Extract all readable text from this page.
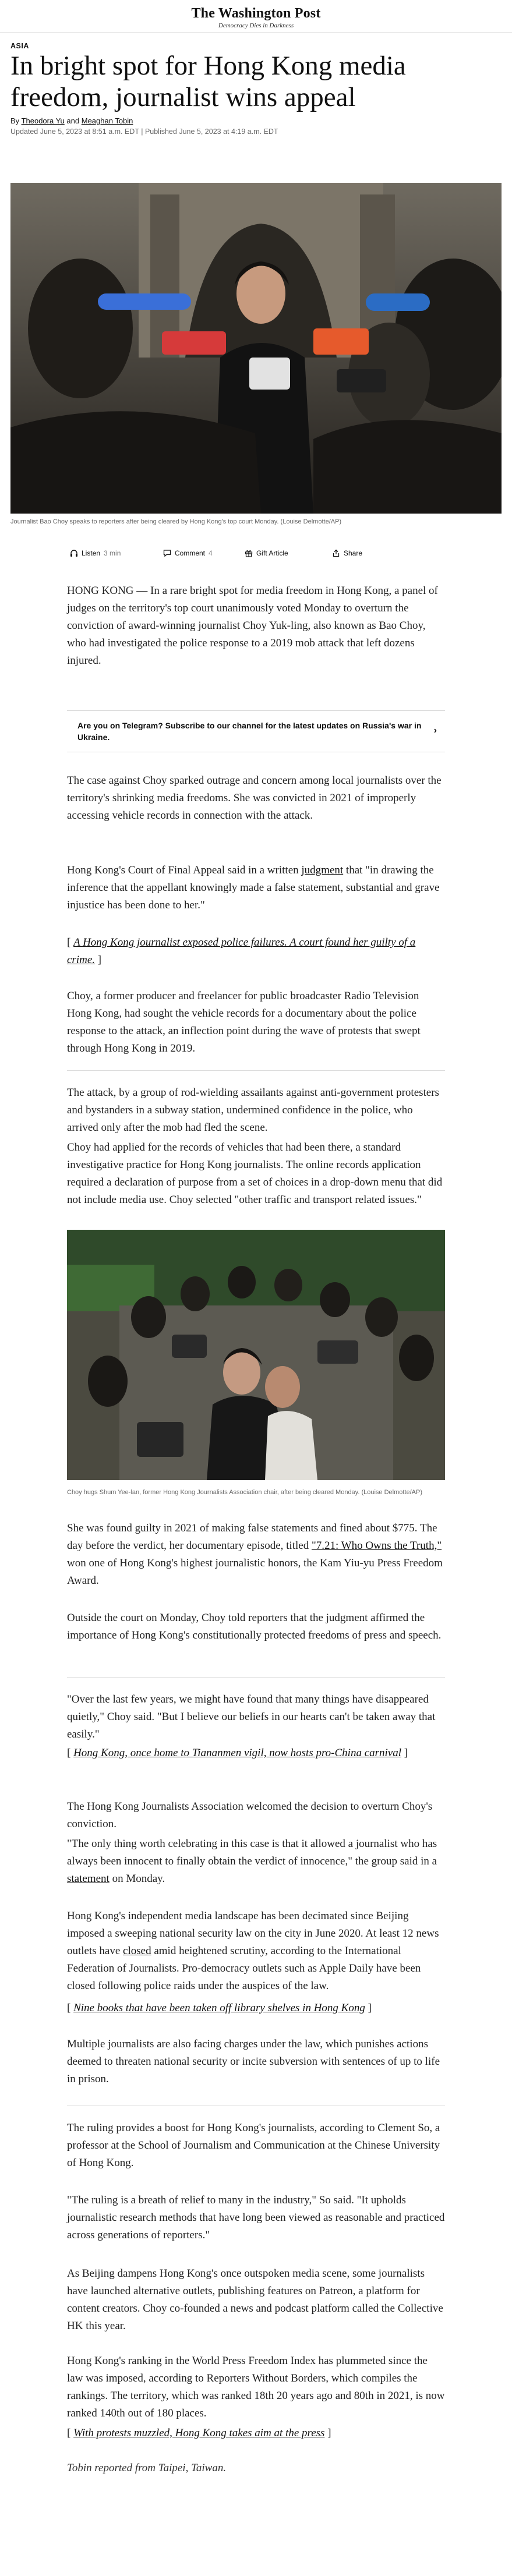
The Washington Post
Democracy Dies in Darkness
ASIA
In bright spot for Hong Kong media freedom, journalist wins appeal
By Theodora Yu and Meaghan Tobin
Updated June 5, 2023 at 8:51 a.m. EDT | Published June 5, 2023 at 4:19 a.m. EDT
Journalist Bao Choy speaks to reporters after being cleared by Hong Kong's top court Monday. (Louise Delmotte/AP)
Listen 3 min	Comment 4	Gift Article	Share

HONG KONG — In a rare bright spot for media freedom in Hong Kong, a panel of judges on the territory's top court unanimously voted Monday to overturn the conviction of award-winning journalist Choy Yuk-ling, also known as Bao Choy, who had investigated the police response to a 2019 mob attack that left dozens injured.

Are you on Telegram? Subscribe to our channel for the latest updates on Russia's war in Ukraine.
›

The case against Choy sparked outrage and concern among local journalists over the territory's shrinking media freedoms. She was convicted in 2021 of improperly accessing vehicle records in connection with the attack.

Hong Kong's Court of Final Appeal said in a written judgment that "in drawing the inference that the appellant knowingly made a false statement, substantial and grave injustice has been done to her."

[ A Hong Kong journalist exposed police failures. A court found her guilty of a crime. ]

Choy, a former producer and freelancer for public broadcaster Radio Television Hong Kong, had sought the vehicle records for a documentary about the police response to the attack, an inflection point during the wave of protests that swept through Hong Kong in 2019.

The attack, by a group of rod-wielding assailants against anti-government protesters and bystanders in a subway station, undermined confidence in the police, who arrived only after the mob had fled the scene.

Choy had applied for the records of vehicles that had been there, a standard investigative practice for Hong Kong journalists. The online records application required a declaration of purpose from a set of choices in a drop-down menu that did not include media use. Choy selected "other traffic and transport related issues."

Choy hugs Shum Yee-lan, former Hong Kong Journalists Association chair, after being cleared Monday. (Louise Delmotte/AP)

She was found guilty in 2021 of making false statements and fined about $775. The day before the verdict, her documentary episode, titled "7.21: Who Owns the Truth," won one of Hong Kong's highest journalistic honors, the Kam Yiu-yu Press Freedom Award.

Outside the court on Monday, Choy told reporters that the judgment affirmed the importance of Hong Kong's constitutionally protected freedoms of press and speech.

"Over the last few years, we might have found that many things have disappeared quietly," Choy said. "But I believe our beliefs in our hearts can't be taken away that easily."

[ Hong Kong, once home to Tiananmen vigil, now hosts pro-China carnival ]

The Hong Kong Journalists Association welcomed the decision to overturn Choy's conviction.

"The only thing worth celebrating in this case is that it allowed a journalist who has always been innocent to finally obtain the verdict of innocence," the group said in a statement on Monday.

Hong Kong's independent media landscape has been decimated since Beijing imposed a sweeping national security law on the city in June 2020. At least 12 news outlets have closed amid heightened scrutiny, according to the International Federation of Journalists. Pro-democracy outlets such as Apple Daily have been closed following police raids under the auspices of the law.

[ Nine books that have been taken off library shelves in Hong Kong ]

Multiple journalists are also facing charges under the law, which punishes actions deemed to threaten national security or incite subversion with sentences of up to life in prison.

The ruling provides a boost for Hong Kong's journalists, according to Clement So, a professor at the School of Journalism and Communication at the Chinese University of Hong Kong.

"The ruling is a breath of relief to many in the industry," So said. "It upholds journalistic research methods that have long been viewed as reasonable and practiced across generations of reporters."

As Beijing dampens Hong Kong's once outspoken media scene, some journalists have launched alternative outlets, publishing features on Patreon, a platform for content creators. Choy co-founded a news and podcast platform called the Collective HK this year.

Hong Kong's ranking in the World Press Freedom Index has plummeted since the law was imposed, according to Reporters Without Borders, which compiles the rankings. The territory, which was ranked 18th 20 years ago and 80th in 2021, is now ranked 140th out of 180 places.

[ With protests muzzled, Hong Kong takes aim at the press ]

Tobin reported from Taipei, Taiwan.
